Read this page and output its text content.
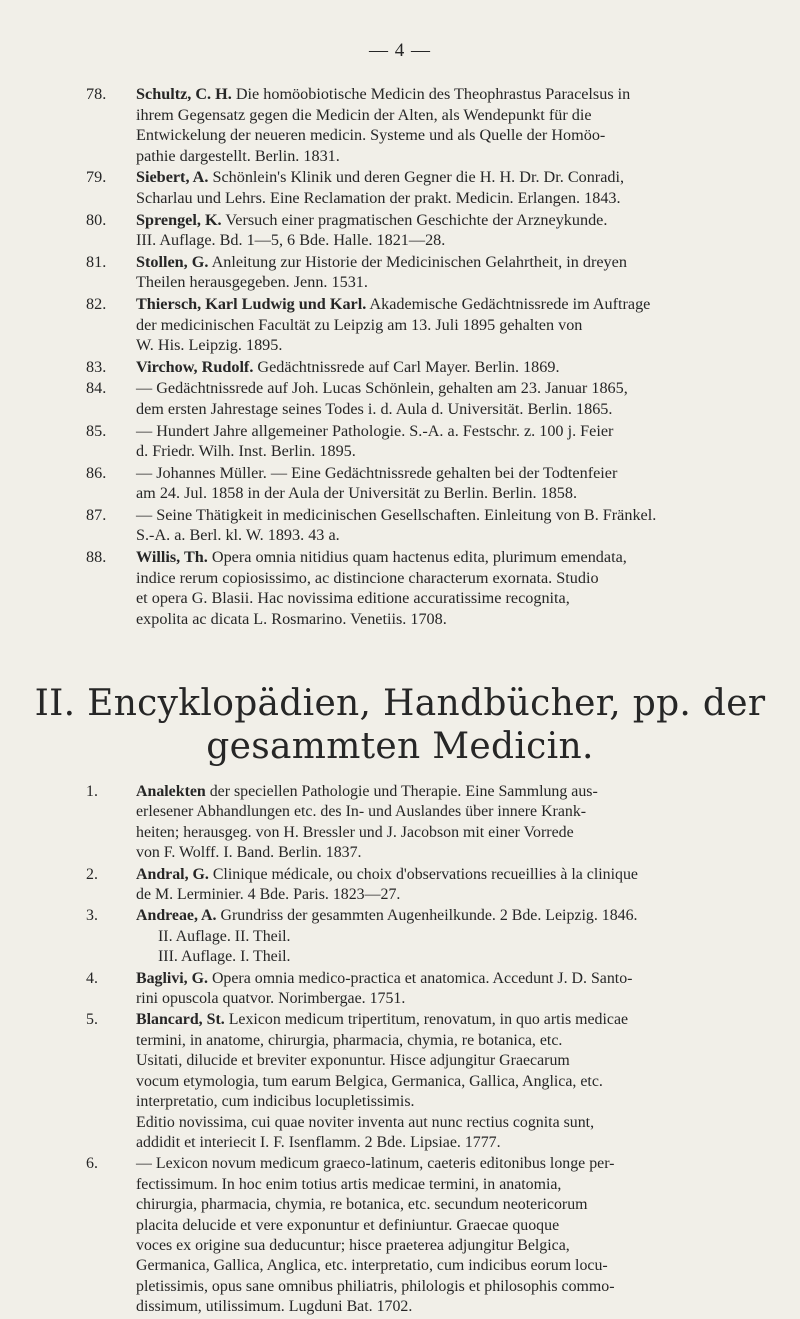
— 4 —
78. Schultz, C. H. Die homöobiotische Medicin des Theophrastus Paracelsus in
ihrem Gegensatz gegen die Medicin der Alten, als Wendepunkt für die
Entwickelung der neueren medicin. Systeme und als Quelle der Homöo-
pathie dargestellt. Berlin. 1831.
79. Siebert, A. Schönlein's Klinik und deren Gegner die H. H. Dr. Dr. Conradi,
Scharlau und Lehrs. Eine Reclamation der prakt. Medicin. Erlangen. 1843.
80. Sprengel, K. Versuch einer pragmatischen Geschichte der Arzneykunde.
III. Auflage. Bd. 1—5, 6 Bde. Halle. 1821—28.
81. Stollen, G. Anleitung zur Historie der Medicinischen Gelahrtheit, in dreyen
Theilen herausgegeben. Jenn. 1531.
82. Thiersch, Karl Ludwig und Karl. Akademische Gedächtnissrede im Auftrage
der medicinischen Facultät zu Leipzig am 13. Juli 1895 gehalten von
W. His. Leipzig. 1895.
83. Virchow, Rudolf. Gedächtnissrede auf Carl Mayer. Berlin. 1869.
84. — Gedächtnissrede auf Joh. Lucas Schönlein, gehalten am 23. Januar 1865,
dem ersten Jahrestage seines Todes i. d. Aula d. Universität. Berlin. 1865.
85. — Hundert Jahre allgemeiner Pathologie. S.-A. a. Festschr. z. 100 j. Feier
d. Friedr. Wilh. Inst. Berlin. 1895.
86. — Johannes Müller. — Eine Gedächtnissrede gehalten bei der Todtenfeier
am 24. Jul. 1858 in der Aula der Universität zu Berlin. Berlin. 1858.
87. — Seine Thätigkeit in medicinischen Gesellschaften. Einleitung von B. Fränkel.
S.-A. a. Berl. kl. W. 1893. 43 a.
88. Willis, Th. Opera omnia nitidius quam hactenus edita, plurimum emendata,
indice rerum copiosissimo, ac distincione characterum exornata. Studio
et opera G. Blasii. Hac novissima editione accuratissime recognita,
expolita ac dicata L. Rosmarino. Venetiis. 1708.
II. Encyklopädien, Handbücher, pp. der
gesammten Medicin.
1. Analekten der speciellen Pathologie und Therapie. Eine Sammlung aus-
erlesener Abhandlungen etc. des In- und Auslandes über innere Krank-
heiten; herausgeg. von H. Bressler und J. Jacobson mit einer Vorrede
von F. Wolff. I. Band. Berlin. 1837.
2. Andral, G. Clinique médicale, ou choix d'observations recueillies à la clinique
de M. Lerminier. 4 Bde. Paris. 1823—27.
3. Andreae, A. Grundriss der gesammten Augenheilkunde. 2 Bde. Leipzig. 1846.
II. Auflage. II. Theil.
III. Auflage. I. Theil.
4. Baglivi, G. Opera omnia medico-practica et anatomica. Accedunt J. D. Santo-
rini opuscola quatvor. Norimbergae. 1751.
5. Blancard, St. Lexicon medicum tripertitum, renovatum, in quo artis medicae
termini, in anatome, chirurgia, pharmacia, chymia, re botanica, etc.
Usitati, dilucide et breviter exponuntur. Hisce adjungitur Graecarum
vocum etymologia, tum earum Belgica, Germanica, Gallica, Anglica, etc.
interpretatio, cum indicibus locupletissimis.
Editio novissima, cui quae noviter inventa aut nunc rectius cognita sunt,
addidit et interiecit I. F. Isenflamm. 2 Bde. Lipsiae. 1777.
6. — Lexicon novum medicum graeco-latinum, caeteris editonibus longe per-
fectissimum. In hoc enim totius artis medicae termini, in anatomia,
chirurgia, pharmacia, chymia, re botanica, etc. secundum neotericorum
placita delucide et vere exponuntur et definiuntur. Graecae quoque
voces ex origine sua deducuntur; hisce praeterea adjungitur Belgica,
Germanica, Gallica, Anglica, etc. interpretatio, cum indicibus eorum locu-
pletissimis, opus sane omnibus philiatris, philologis et philosophis commo-
dissimum, utilissimum. Lugduni Bat. 1702.
